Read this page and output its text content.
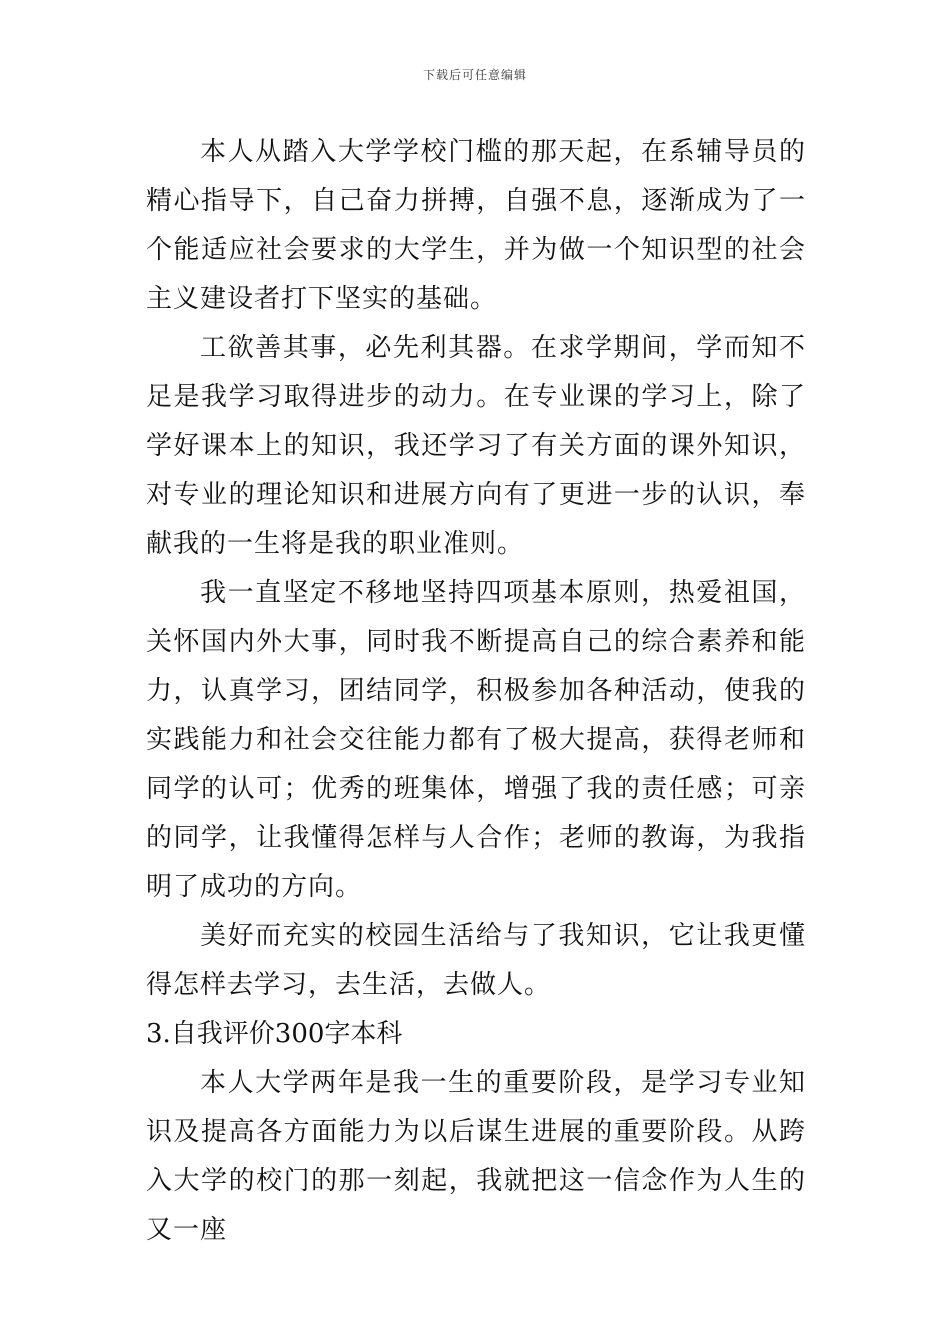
下载后可任意编辑

本人从踏入大学学校门槛的那天起，在系辅导员的精心指导下，自己奋力拼搏，自强不息，逐渐成为了一个能适应社会要求的大学生，并为做一个知识型的社会主义建设者打下坚实的基础。

工欲善其事，必先利其器。在求学期间，学而知不足是我学习取得进步的动力。在专业课的学习上，除了学好课本上的知识，我还学习了有关方面的课外知识，对专业的理论知识和进展方向有了更进一步的认识，奉献我的一生将是我的职业准则。

我一直坚定不移地坚持四项基本原则，热爱祖国，关怀国内外大事，同时我不断提高自己的综合素养和能力，认真学习，团结同学，积极参加各种活动，使我的实践能力和社会交往能力都有了极大提高，获得老师和同学的认可；优秀的班集体，增强了我的责任感；可亲的同学，让我懂得怎样与人合作；老师的教诲，为我指明了成功的方向。

美好而充实的校园生活给与了我知识，它让我更懂得怎样去学习，去生活，去做人。

3.自我评价300字本科

本人大学两年是我一生的重要阶段，是学习专业知识及提高各方面能力为以后谋生进展的重要阶段。从跨入大学的校门的那一刻起，我就把这一信念作为人生的又一座
